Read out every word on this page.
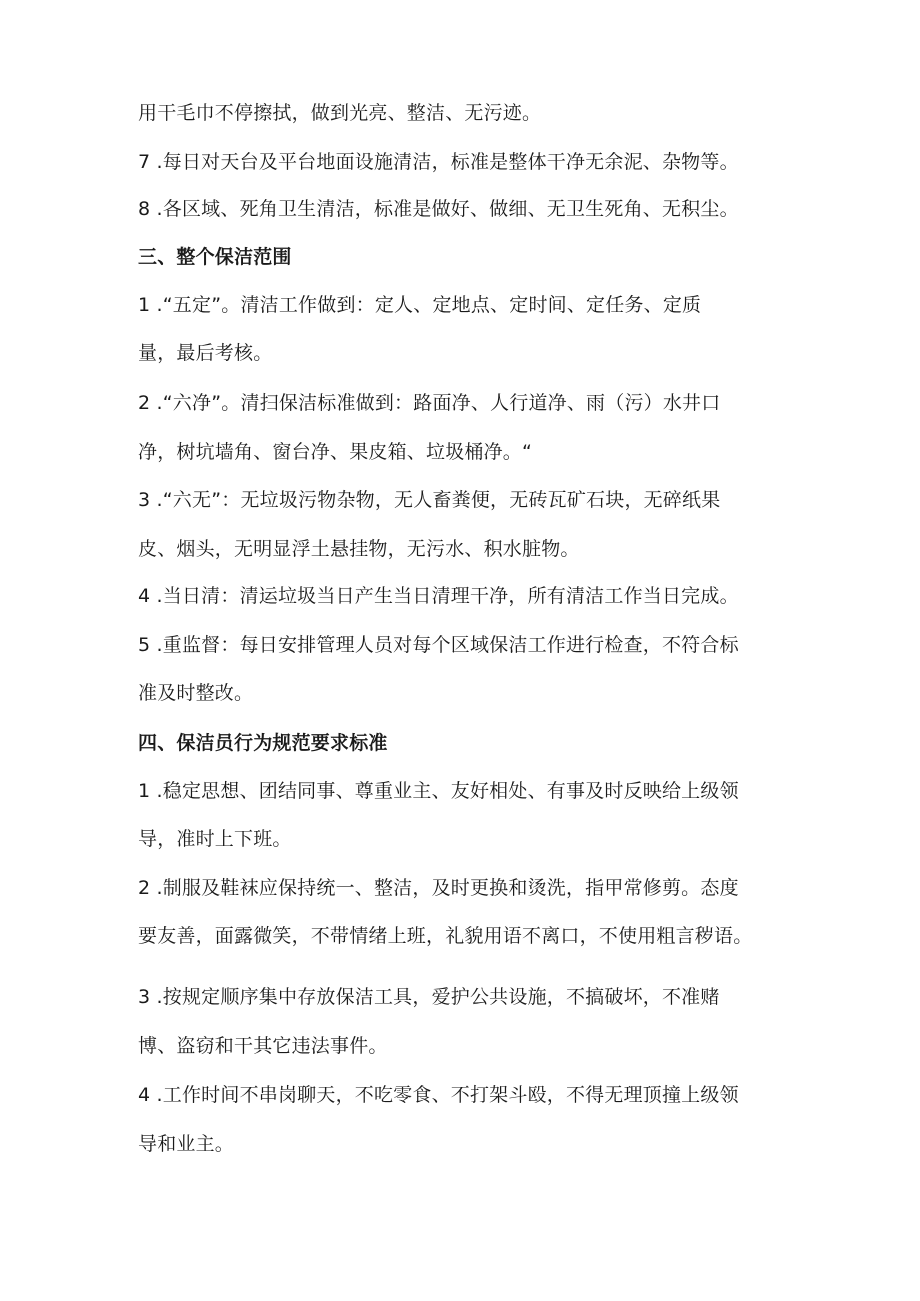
用干毛巾不停擦拭，做到光亮、整洁、无污迹。
7 .每日对天台及平台地面设施清洁，标准是整体干净无余泥、杂物等。
8 .各区域、死角卫生清洁，标准是做好、做细、无卫生死角、无积尘。
三、整个保洁范围
1 .“五定”。清洁工作做到：定人、定地点、定时间、定任务、定质
量，最后考核。
2 .“六净”。清扫保洁标准做到：路面净、人行道净、雨（污）水井口
净，树坑墙角、窗台净、果皮箱、垃圾桶净。“
3 .“六无”：无垃圾污物杂物，无人畜粪便，无砖瓦矿石块，无碎纸果
皮、烟头，无明显浮土悬挂物，无污水、积水脏物。
4 .当日清：清运垃圾当日产生当日清理干净，所有清洁工作当日完成。
5 .重监督：每日安排管理人员对每个区域保洁工作进行检查，不符合标
准及时整改。
四、保洁员行为规范要求标准
1 .稳定思想、团结同事、尊重业主、友好相处、有事及时反映给上级领
导，准时上下班。
2 .制服及鞋袜应保持统一、整洁，及时更换和烫洗，指甲常修剪。态度
要友善，面露微笑，不带情绪上班，礼貌用语不离口，不使用粗言秽语。
3 .按规定顺序集中存放保洁工具，爱护公共设施，不搞破坏，不准赌
博、盗窃和干其它违法事件。
4 .工作时间不串岗聊天，不吃零食、不打架斗殴，不得无理顶撞上级领
导和业主。
